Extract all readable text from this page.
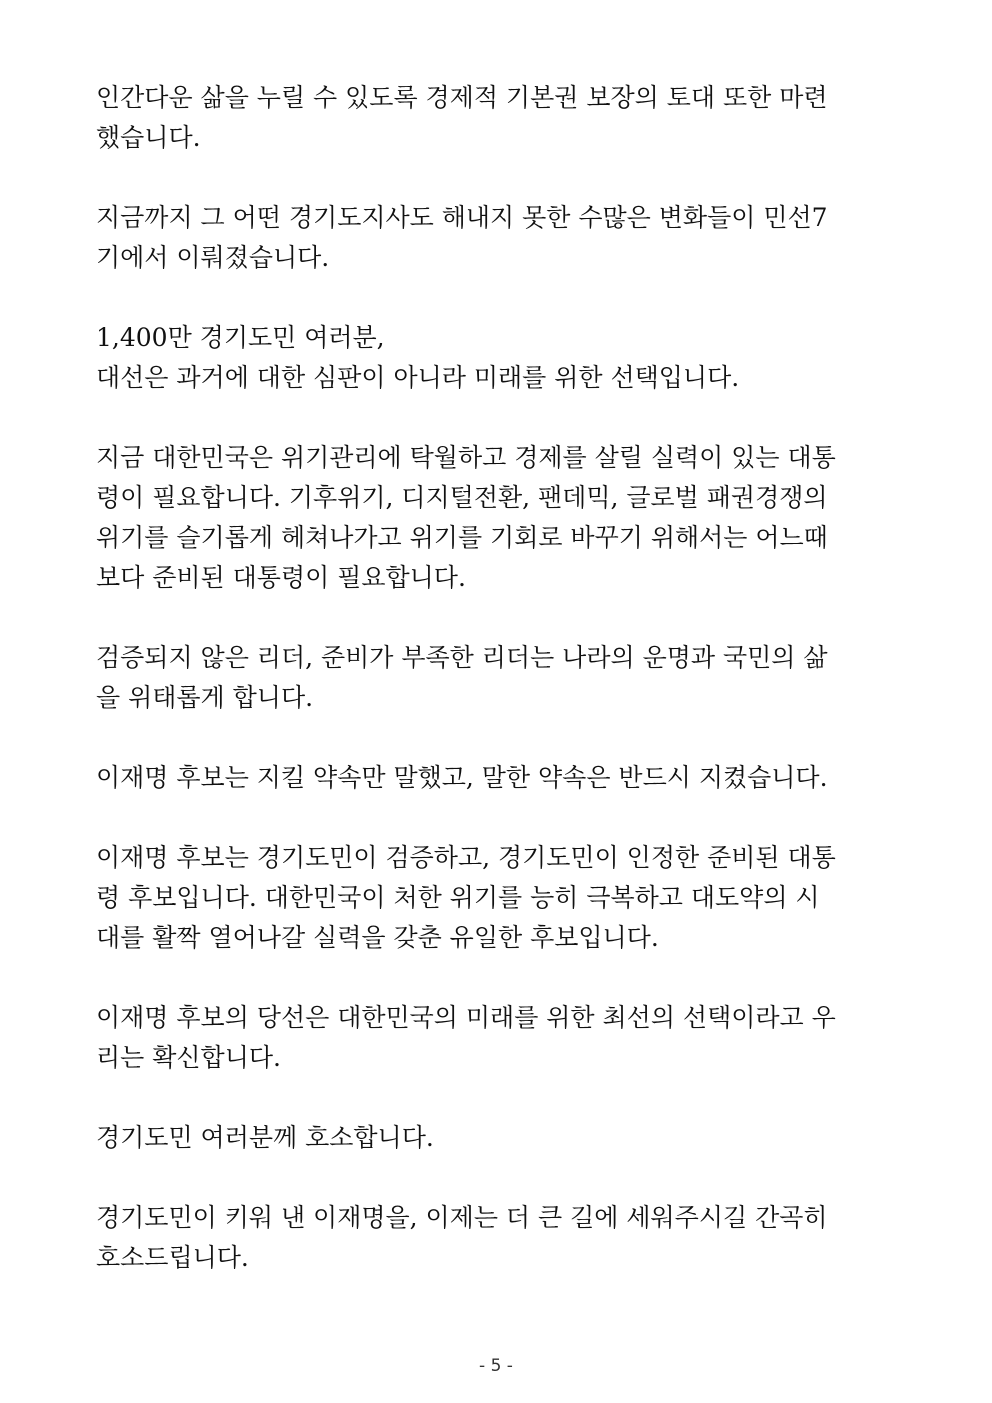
인간다운 삶을 누릴 수 있도록 경제적 기본권 보장의 토대 또한 마련
했습니다.

지금까지 그 어떤 경기도지사도 해내지 못한 수많은 변화들이 민선7
기에서 이뤄졌습니다.

1,400만 경기도민 여러분,
대선은 과거에 대한 심판이 아니라 미래를 위한 선택입니다.

지금 대한민국은 위기관리에 탁월하고 경제를 살릴 실력이 있는 대통
령이 필요합니다. 기후위기, 디지털전환, 팬데믹, 글로벌 패권경쟁의
위기를 슬기롭게 헤쳐나가고 위기를 기회로 바꾸기 위해서는 어느때
보다 준비된 대통령이 필요합니다.

검증되지 않은 리더, 준비가 부족한 리더는 나라의 운명과 국민의 삶
을 위태롭게 합니다.

이재명 후보는 지킬 약속만 말했고, 말한 약속은 반드시 지켰습니다.

이재명 후보는 경기도민이 검증하고, 경기도민이 인정한 준비된 대통
령 후보입니다. 대한민국이 처한 위기를 능히 극복하고 대도약의 시
대를 활짝 열어나갈 실력을 갖춘 유일한 후보입니다.

이재명 후보의 당선은 대한민국의 미래를 위한 최선의 선택이라고 우
리는 확신합니다.

경기도민 여러분께 호소합니다.

경기도민이 키워 낸 이재명을, 이제는 더 큰 길에 세워주시길 간곡히
호소드립니다.

- 5 -
